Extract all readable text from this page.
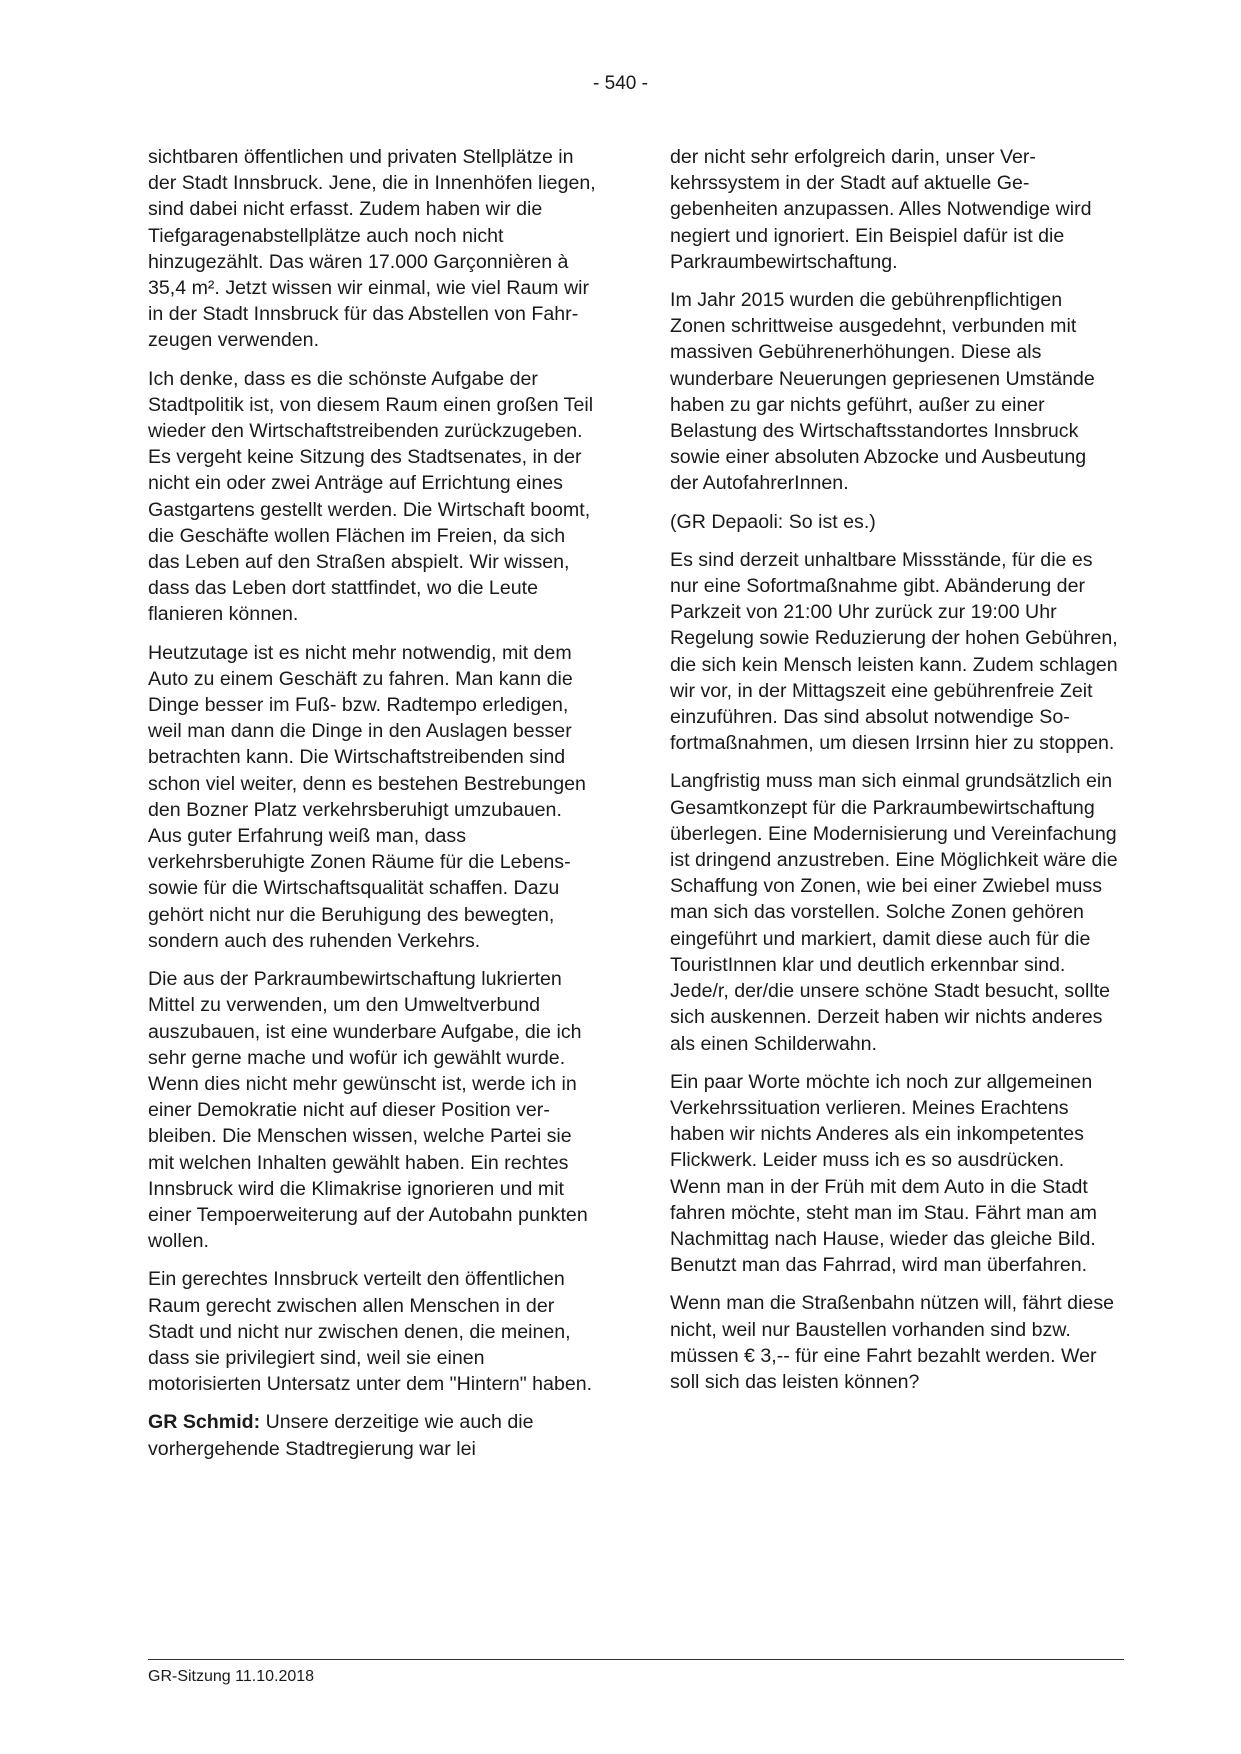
- 540 -

sichtbaren öffentlichen und privaten Stellplätze in der Stadt Innsbruck. Jene, die in Innenhöfen liegen, sind dabei nicht erfasst. Zudem haben wir die Tiefgaragenabstellplätze auch noch nicht hinzugezählt. Das wären 17.000 Garçonnièren à 35,4 m². Jetzt wissen wir einmal, wie viel Raum wir in der Stadt Innsbruck für das Abstellen von Fahrzeugen verwenden.

Ich denke, dass es die schönste Aufgabe der Stadtpolitik ist, von diesem Raum einen großen Teil wieder den Wirtschaftstreibenden zurückzugeben. Es vergeht keine Sitzung des Stadtsenates, in der nicht ein oder zwei Anträge auf Errichtung eines Gastgartens gestellt werden. Die Wirtschaft boomt, die Geschäfte wollen Flächen im Freien, da sich das Leben auf den Straßen abspielt. Wir wissen, dass das Leben dort stattfindet, wo die Leute flanieren können.

Heutzutage ist es nicht mehr notwendig, mit dem Auto zu einem Geschäft zu fahren. Man kann die Dinge besser im Fuß- bzw. Radtempo erledigen, weil man dann die Dinge in den Auslagen besser betrachten kann. Die Wirtschaftstreibenden sind schon viel weiter, denn es bestehen Bestrebungen den Bozner Platz verkehrsberuhigt umzubauen. Aus guter Erfahrung weiß man, dass verkehrsberuhigte Zonen Räume für die Lebens- sowie für die Wirtschaftsqualität schaffen. Dazu gehört nicht nur die Beruhigung des bewegten, sondern auch des ruhenden Verkehrs.

Die aus der Parkraumbewirtschaftung lukrierten Mittel zu verwenden, um den Umweltverbund auszubauen, ist eine wunderbare Aufgabe, die ich sehr gerne mache und wofür ich gewählt wurde. Wenn dies nicht mehr gewünscht ist, werde ich in einer Demokratie nicht auf dieser Position verbleiben. Die Menschen wissen, welche Partei sie mit welchen Inhalten gewählt haben. Ein rechtes Innsbruck wird die Klimakrise ignorieren und mit einer Tempoerweiterung auf der Autobahn punkten wollen.

Ein gerechtes Innsbruck verteilt den öffentlichen Raum gerecht zwischen allen Menschen in der Stadt und nicht nur zwischen denen, die meinen, dass sie privilegiert sind, weil sie einen motorisierten Untersatz unter dem "Hintern" haben.

GR Schmid: Unsere derzeitige wie auch die vorhergehende Stadtregierung war lei

der nicht sehr erfolgreich darin, unser Verkehrssystem in der Stadt auf aktuelle Gegebenheiten anzupassen. Alles Notwendige wird negiert und ignoriert. Ein Beispiel dafür ist die Parkraumbewirtschaftung.

Im Jahr 2015 wurden die gebührenpflichtigen Zonen schrittweise ausgedehnt, verbunden mit massiven Gebührenerhöhungen. Diese als wunderbare Neuerungen gepriesenen Umstände haben zu gar nichts geführt, außer zu einer Belastung des Wirtschaftsstandortes Innsbruck sowie einer absoluten Abzocke und Ausbeutung der AutofahrerInnen.

(GR Depaoli: So ist es.)

Es sind derzeit unhaltbare Missstände, für die es nur eine Sofortmaßnahme gibt. Abänderung der Parkzeit von 21:00 Uhr zurück zur 19:00 Uhr Regelung sowie Reduzierung der hohen Gebühren, die sich kein Mensch leisten kann. Zudem schlagen wir vor, in der Mittagszeit eine gebührenfreie Zeit einzuführen. Das sind absolut notwendige Sofortmaßnahmen, um diesen Irrsinn hier zu stoppen.

Langfristig muss man sich einmal grundsätzlich ein Gesamtkonzept für die Parkraumbewirtschaftung überlegen. Eine Modernisierung und Vereinfachung ist dringend anzustreben. Eine Möglichkeit wäre die Schaffung von Zonen, wie bei einer Zwiebel muss man sich das vorstellen. Solche Zonen gehören eingeführt und markiert, damit diese auch für die TouristInnen klar und deutlich erkennbar sind. Jede/r, der/die unsere schöne Stadt besucht, sollte sich auskennen. Derzeit haben wir nichts anderes als einen Schilderwahn.

Ein paar Worte möchte ich noch zur allgemeinen Verkehrssituation verlieren. Meines Erachtens haben wir nichts Anderes als ein inkompetentes Flickwerk. Leider muss ich es so ausdrücken. Wenn man in der Früh mit dem Auto in die Stadt fahren möchte, steht man im Stau. Fährt man am Nachmittag nach Hause, wieder das gleiche Bild. Benutzt man das Fahrrad, wird man überfahren.

Wenn man die Straßenbahn nützen will, fährt diese nicht, weil nur Baustellen vorhanden sind bzw. müssen € 3,-- für eine Fahrt bezahlt werden. Wer soll sich das leisten können?

GR-Sitzung 11.10.2018
